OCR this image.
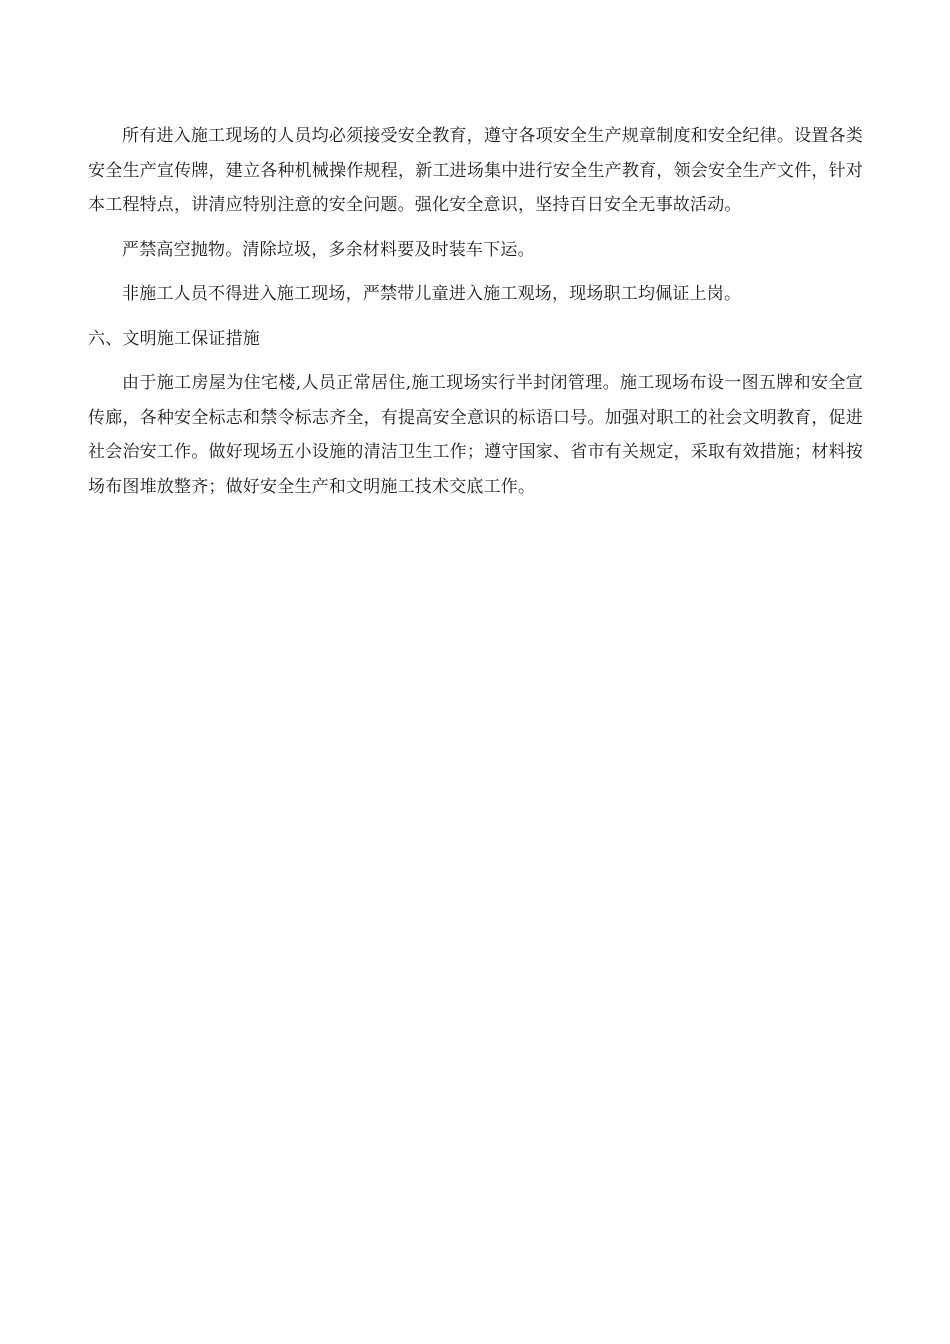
所有进入施工现场的人员均必须接受安全教育，遵守各项安全生产规章制度和安全纪律。设置各类安全生产宣传牌，建立各种机械操作规程，新工进场集中进行安全生产教育，领会安全生产文件，针对本工程特点，讲清应特别注意的安全问题。强化安全意识，坚持百日安全无事故活动。

严禁高空抛物。清除垃圾，多余材料要及时装车下运。

非施工人员不得进入施工现场，严禁带儿童进入施工观场，现场职工均佩证上岗。

六、文明施工保证措施

由于施工房屋为住宅楼,人员正常居住,施工现场实行半封闭管理。施工现场布设一图五牌和安全宣传廊，各种安全标志和禁令标志齐全，有提高安全意识的标语口号。加强对职工的社会文明教育，促进社会治安工作。做好现场五小设施的清洁卫生工作；遵守国家、省市有关规定，采取有效措施；材料按场布图堆放整齐；做好安全生产和文明施工技术交底工作。
